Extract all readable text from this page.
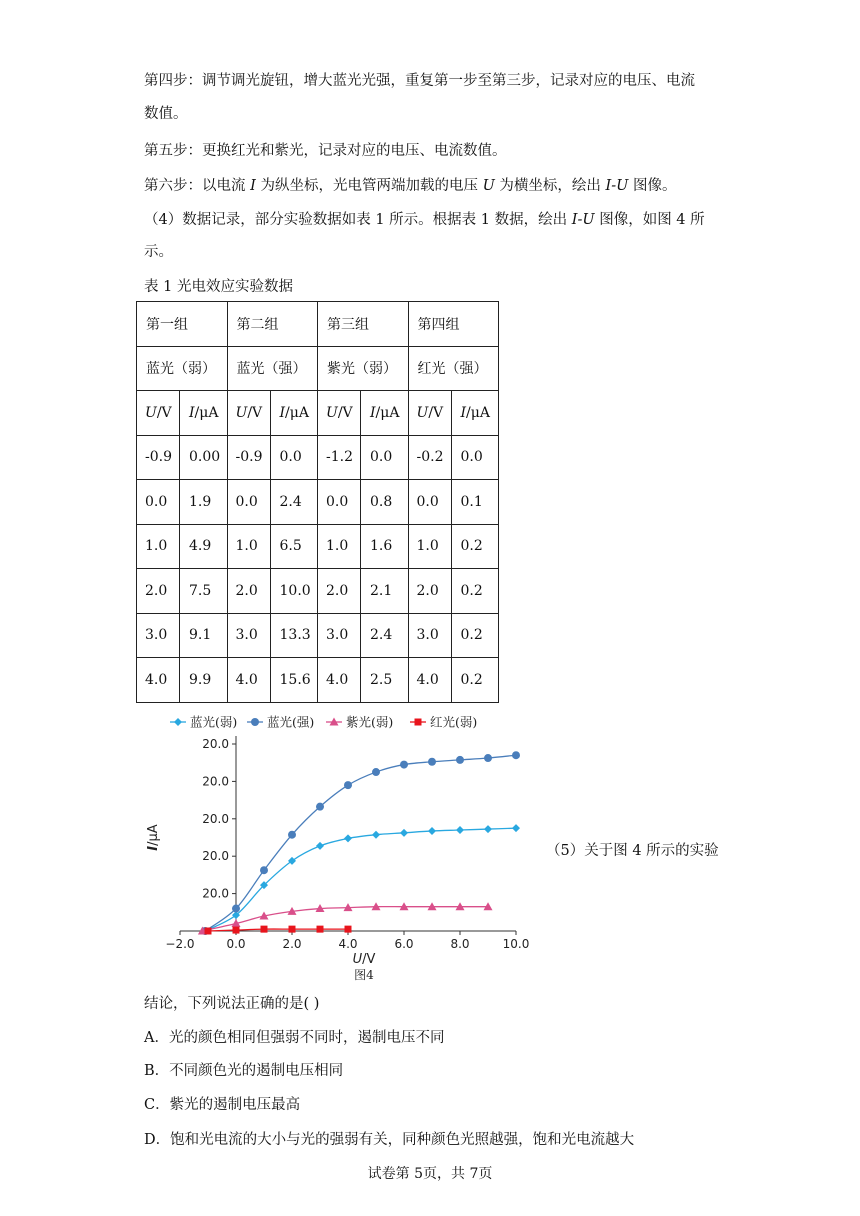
第四步：调节调光旋钮，增大蓝光光强，重复第一步至第三步，记录对应的电压、电流
数值。
第五步：更换红光和紫光，记录对应的电压、电流数值。
第六步：以电流 I 为纵坐标，光电管两端加载的电压 U 为横坐标，绘出 I-U 图像。
（4）数据记录，部分实验数据如表 1 所示。根据表 1 数据，绘出 I-U 图像，如图 4 所
示。
表 1 光电效应实验数据
第一组		第二组		第三组		第四组	
蓝光（弱）		蓝光（强）		紫光（弱）		红光（强）	
U/V	I/μA	U/V	I/μA	U/V	I/μA	U/V	I/μA
-0.9	0.00	-0.9	0.0	-1.2	0.0	-0.2	0.0
0.0	1.9	0.0	2.4	0.0	0.8	0.0	0.1
1.0	4.9	1.0	6.5	1.0	1.6	1.0	0.2
2.0	7.5	2.0	10.0	2.0	2.1	2.0	0.2
3.0	9.1	3.0	13.3	3.0	2.4	3.0	0.2
4.0	9.9	4.0	15.6	4.0	2.5	4.0	0.2
−2.0	0.0	2.0	4.0	6.0	8.0	10.0
20.0
20.0
20.0
20.0
20.0
I/μA
U/V
图4
蓝光(弱) 蓝光(强)	紫光(弱)	红光(弱)
（5）关于图 4 所示的实验
结论，下列说法正确的是( )
A．光的颜色相同但强弱不同时，遏制电压不同
B．不同颜色光的遏制电压相同
C．紫光的遏制电压最高
D．饱和光电流的大小与光的强弱有关，同种颜色光照越强，饱和光电流越大
试卷第 5页，共 7页
